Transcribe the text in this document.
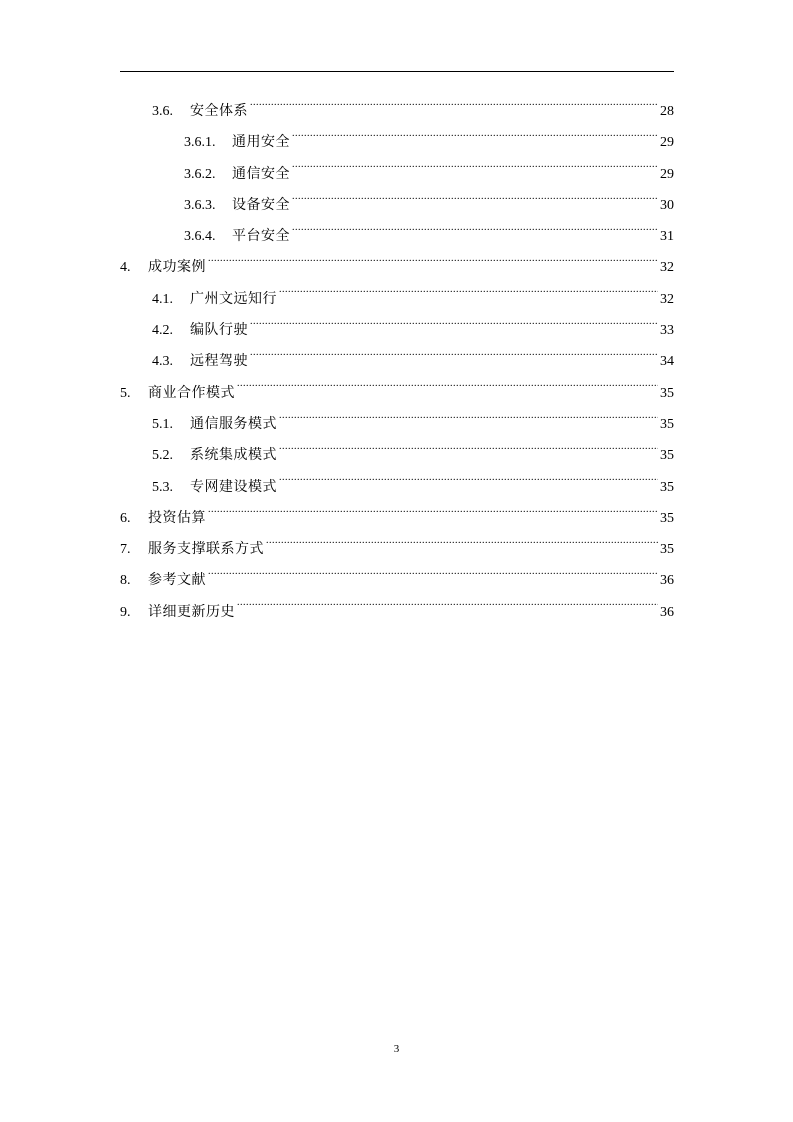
3.6.	安全体系 .....	28
3.6.1.	通用安全 .....	29
3.6.2.	通信安全 .....	29
3.6.3.	设备安全 .....	30
3.6.4.	平台安全 .....	31
4.	成功案例 .....	32
4.1.	广州文远知行 .....	32
4.2.	编队行驶 .....	33
4.3.	远程驾驶 .....	34
5.	商业合作模式 .....	35
5.1.	通信服务模式 .....	35
5.2.	系统集成模式 .....	35
5.3.	专网建设模式 .....	35
6.	投资估算 .....	35
7.	服务支撑联系方式 .....	35
8.	参考文献 .....	36
9.	详细更新历史 .....	36
3
